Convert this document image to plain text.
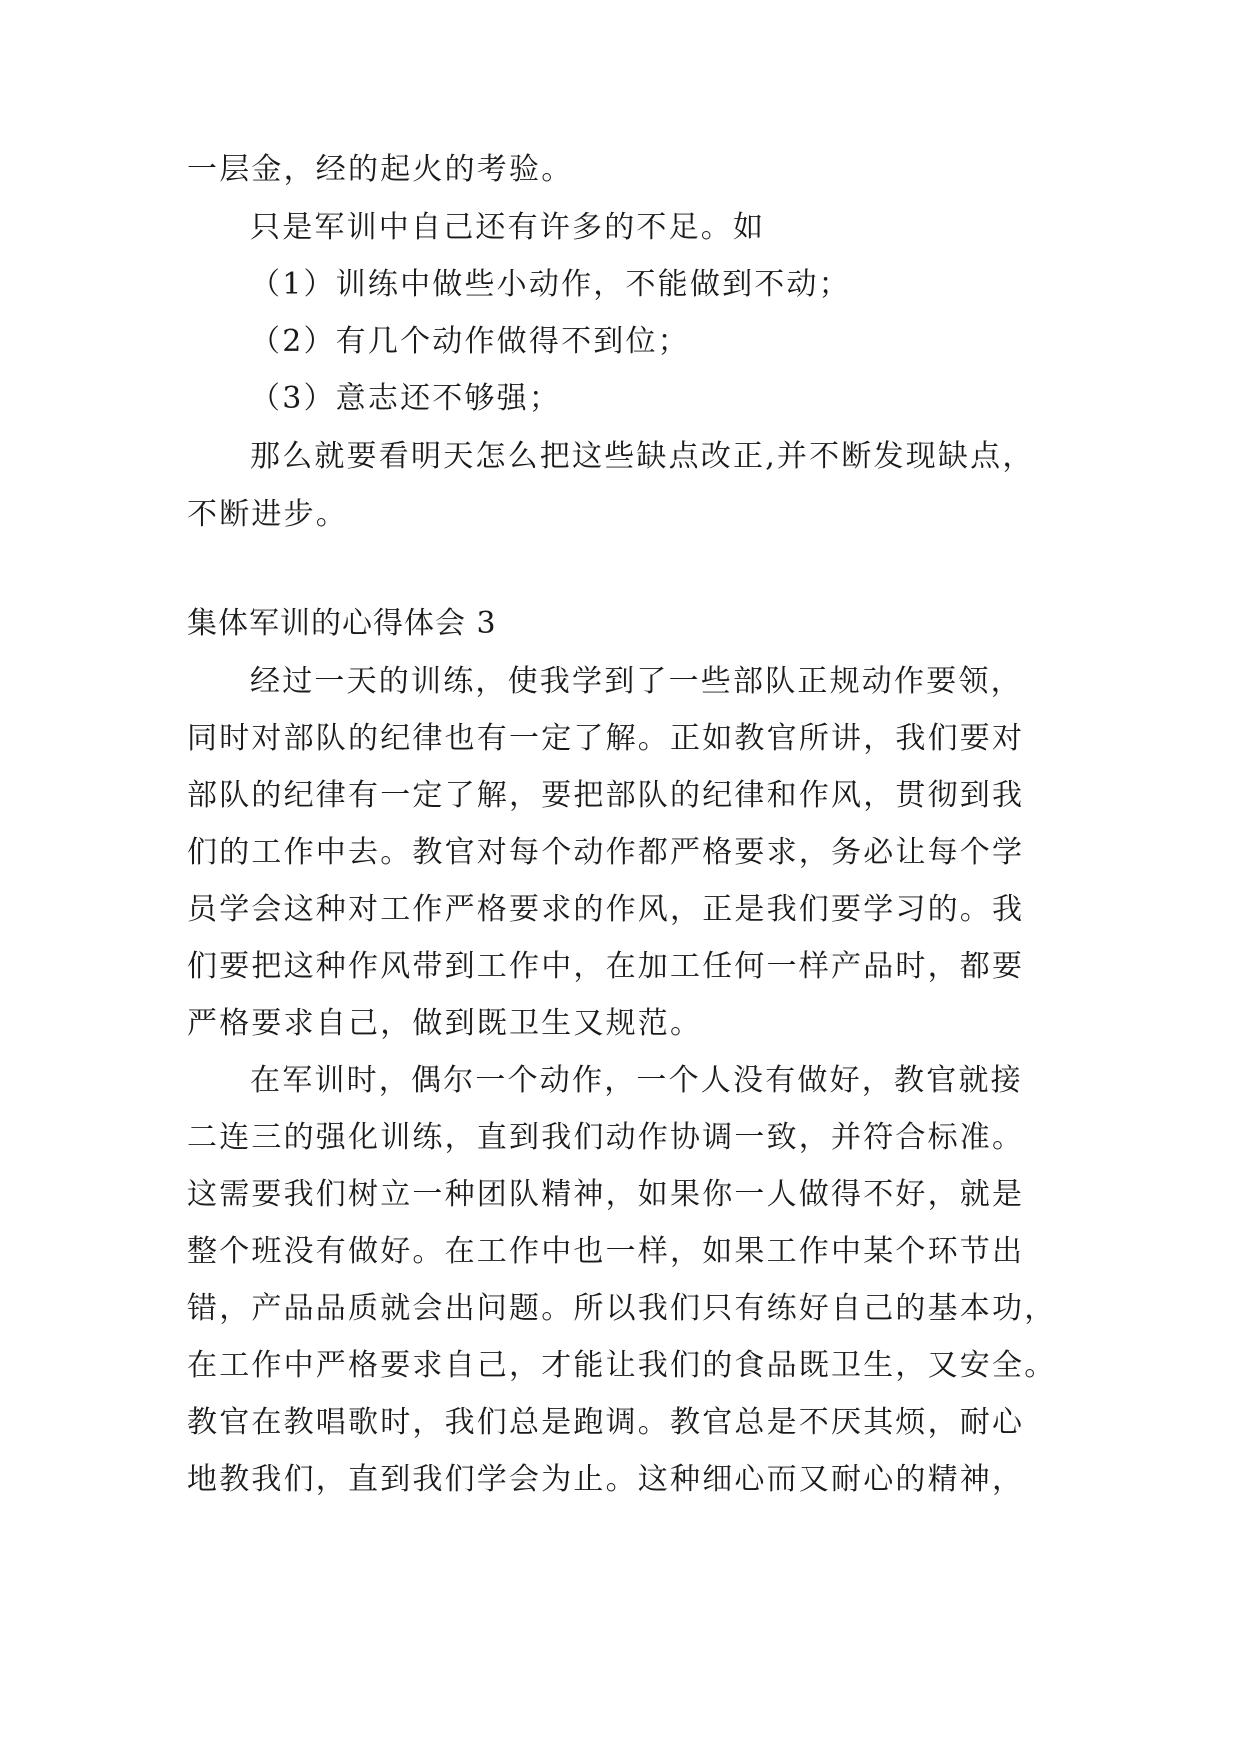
一层金，经的起火的考验。
只是军训中自己还有许多的不足。如
（1）训练中做些小动作，不能做到不动；
（2）有几个动作做得不到位；
（3）意志还不够强；
那么就要看明天怎么把这些缺点改正,并不断发现缺点，
不断进步。
集体军训的心得体会 3
经过一天的训练，使我学到了一些部队正规动作要领，
同时对部队的纪律也有一定了解。正如教官所讲，我们要对
部队的纪律有一定了解，要把部队的纪律和作风，贯彻到我
们的工作中去。教官对每个动作都严格要求，务必让每个学
员学会这种对工作严格要求的作风，正是我们要学习的。我
们要把这种作风带到工作中，在加工任何一样产品时，都要
严格要求自己，做到既卫生又规范。
在军训时，偶尔一个动作，一个人没有做好，教官就接
二连三的强化训练，直到我们动作协调一致，并符合标准。
这需要我们树立一种团队精神，如果你一人做得不好，就是
整个班没有做好。在工作中也一样，如果工作中某个环节出
错，产品品质就会出问题。所以我们只有练好自己的基本功，
在工作中严格要求自己，才能让我们的食品既卫生，又安全。
教官在教唱歌时，我们总是跑调。教官总是不厌其烦，耐心
地教我们，直到我们学会为止。这种细心而又耐心的精神，
